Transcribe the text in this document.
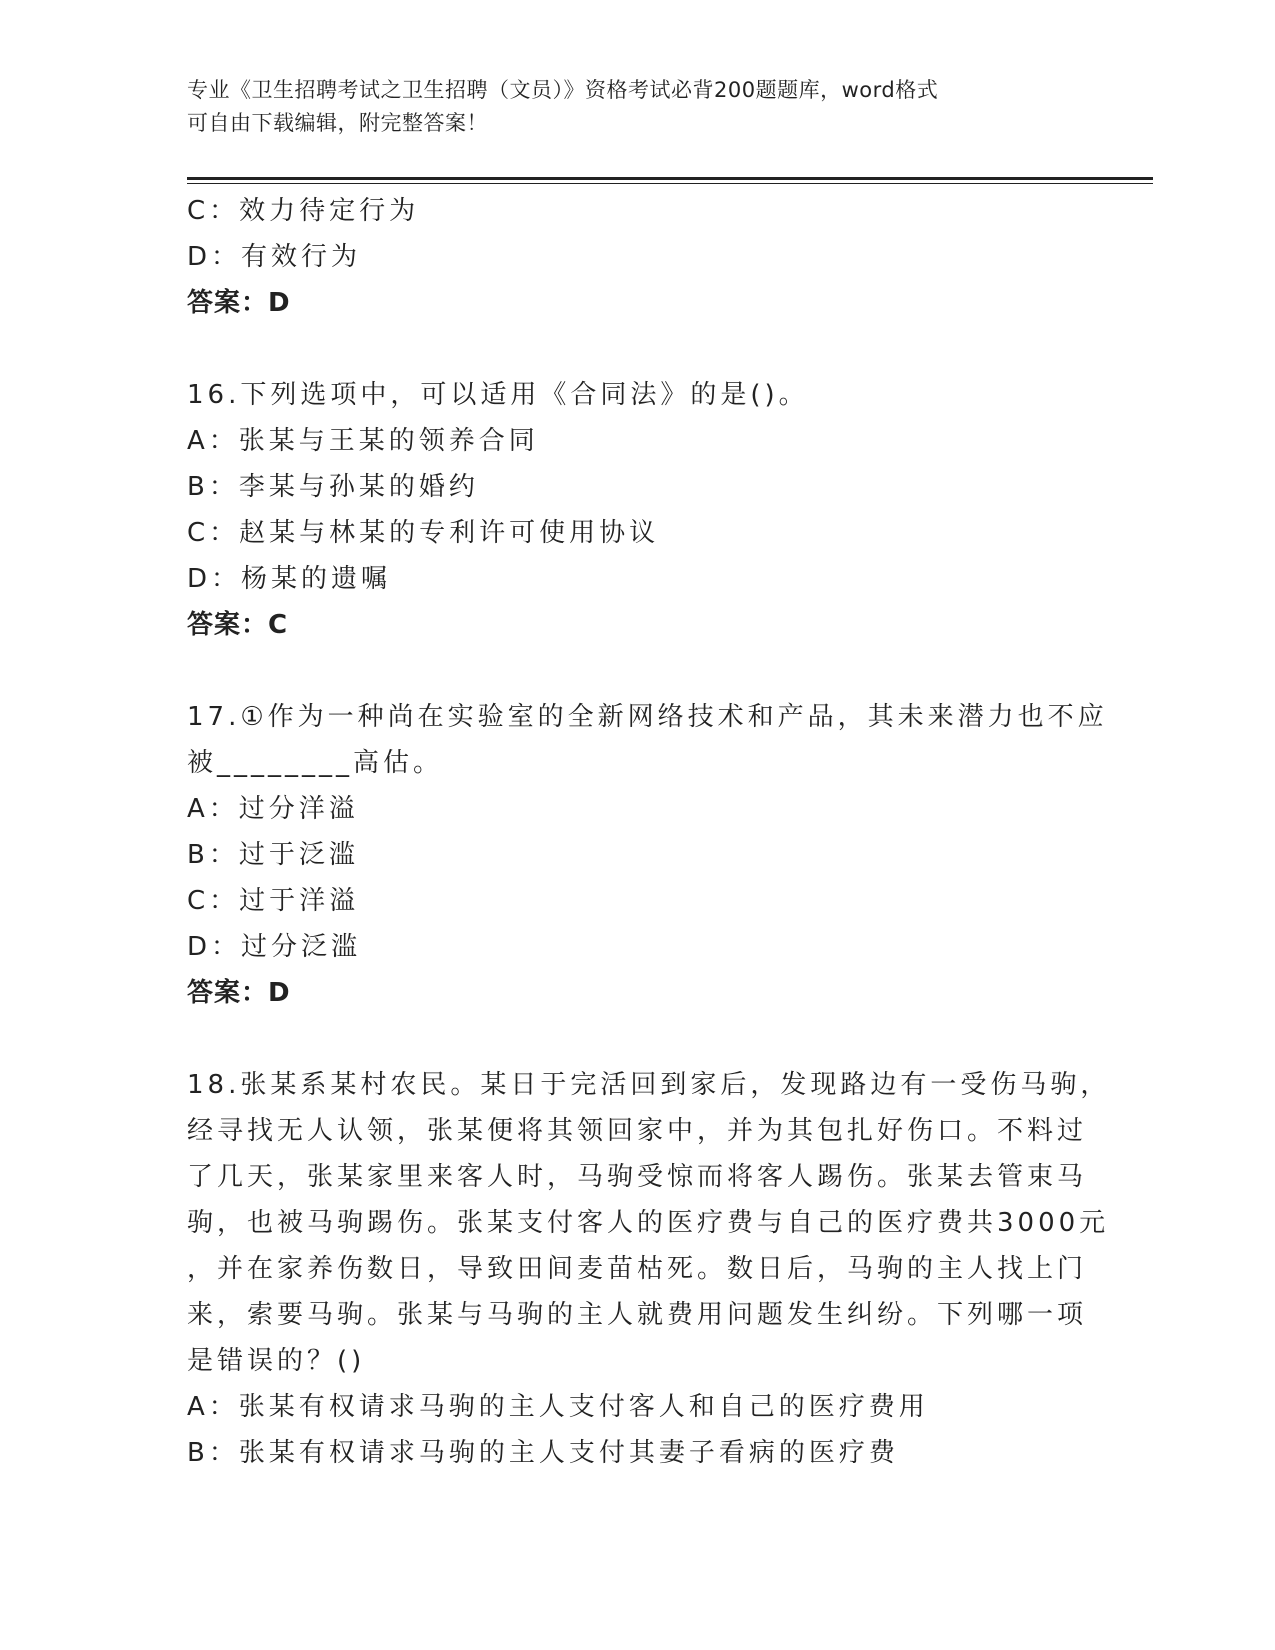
专业《卫生招聘考试之卫生招聘（文员）》资格考试必背200题题库，word格式
可自由下载编辑，附完整答案！
C：效力待定行为
D：有效行为
答案：D
16.下列选项中，可以适用《合同法》的是()。
A：张某与王某的领养合同
B：李某与孙某的婚约
C：赵某与林某的专利许可使用协议
D：杨某的遗嘱
答案：C
17.①作为一种尚在实验室的全新网络技术和产品，其未来潜力也不应
被________高估。
A：过分洋溢
B：过于泛滥
C：过于洋溢
D：过分泛滥
答案：D
18.张某系某村农民。某日于完活回到家后，发现路边有一受伤马驹，
经寻找无人认领，张某便将其领回家中，并为其包扎好伤口。不料过
了几天，张某家里来客人时，马驹受惊而将客人踢伤。张某去管束马
驹，也被马驹踢伤。张某支付客人的医疗费与自己的医疗费共3000元
，并在家养伤数日，导致田间麦苗枯死。数日后，马驹的主人找上门
来，索要马驹。张某与马驹的主人就费用问题发生纠纷。下列哪一项
是错误的？()
A：张某有权请求马驹的主人支付客人和自己的医疗费用
B：张某有权请求马驹的主人支付其妻子看病的医疗费
